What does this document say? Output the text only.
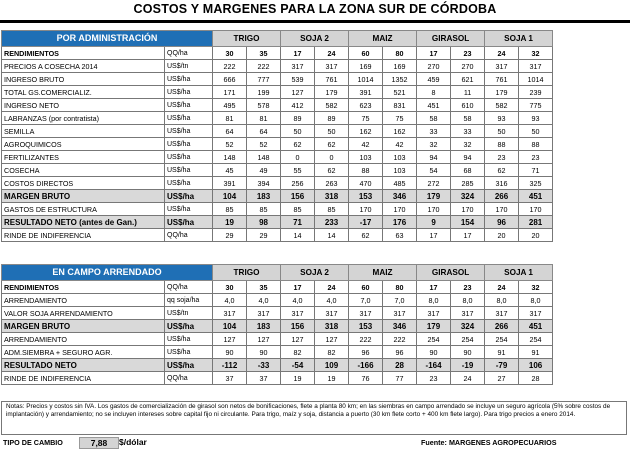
COSTOS Y MARGENES PARA LA ZONA SUR DE CÓRDOBA
POR ADMINISTRACIÓN		TRIGO		SOJA 2		MAIZ		GIRASOL		SOJA 1	
RENDIMIENTOS	QQ/ha	30	35	17	24	60	80	17	23	24	32
PRECIOS A COSECHA 2014	US$/tn	222	222	317	317	169	169	270	270	317	317
INGRESO BRUTO	US$/ha	666	777	539	761	1014	1352	459	621	761	1014
TOTAL GS.COMERCIALIZ.	US$/ha	171	199	127	179	391	521	8	11	179	239
INGRESO NETO	US$/ha	495	578	412	582	623	831	451	610	582	775
LABRANZAS (por contratista)	US$/ha	81	81	89	89	75	75	58	58	93	93
SEMILLA	US$/ha	64	64	50	50	162	162	33	33	50	50
AGROQUIMICOS	US$/ha	52	52	62	62	42	42	32	32	88	88
FERTILIZANTES	US$/ha	148	148	0	0	103	103	94	94	23	23
COSECHA	US$/ha	45	49	55	62	88	103	54	68	62	71
COSTOS DIRECTOS	US$/ha	391	394	256	263	470	485	272	285	316	325
MARGEN BRUTO	US$/ha	104	183	156	318	153	346	179	324	266	451
GASTOS DE ESTRUCTURA	US$/ha	85	85	85	85	170	170	170	170	170	170
RESULTADO NETO (antes de Gan.)	US$/ha	19	98	71	233	-17	176	9	154	96	281
RINDE DE INDIFERENCIA	QQ/ha	29	29	14	14	62	63	17	17	20	20
EN CAMPO ARRENDADO		TRIGO		SOJA 2		MAIZ		GIRASOL		SOJA 1	
RENDIMIENTOS	QQ/ha	30	35	17	24	60	80	17	23	24	32
ARRENDAMIENTO	qq soja/ha	4,0	4,0	4,0	4,0	7,0	7,0	8,0	8,0	8,0	8,0
VALOR SOJA ARRENDAMIENTO	US$/tn	317	317	317	317	317	317	317	317	317	317
MARGEN BRUTO	US$/ha	104	183	156	318	153	346	179	324	266	451
ARRENDAMIENTO	US$/ha	127	127	127	127	222	222	254	254	254	254
ADM.SIEMBRA + SEGURO AGR.	US$/ha	90	90	82	82	96	96	90	90	91	91
RESULTADO NETO	US$/ha	-112	-33	-54	109	-166	28	-164	-19	-79	106
RINDE DE INDIFERENCIA	QQ/ha	37	37	19	19	76	77	23	24	27	28
Notas: Precios y costos sin IVA. Los gastos de comercialización de girasol son netos de bonificaciones, flete a planta 80 km; en las siembras en campo arrendado se incluye un seguro agrícola (5% sobre costos de implantación) y arrendamiento; no se incluyen intereses sobre capital fijo ni circulante. Para trigo, maíz y soja, distancia a puerto (30 km flete corto + 400 km flete largo). Para trigo precios a enero 2014.
TIPO DE CAMBIO	7,88	$/dólar	Fuente: MARGENES AGROPECUARIOS
